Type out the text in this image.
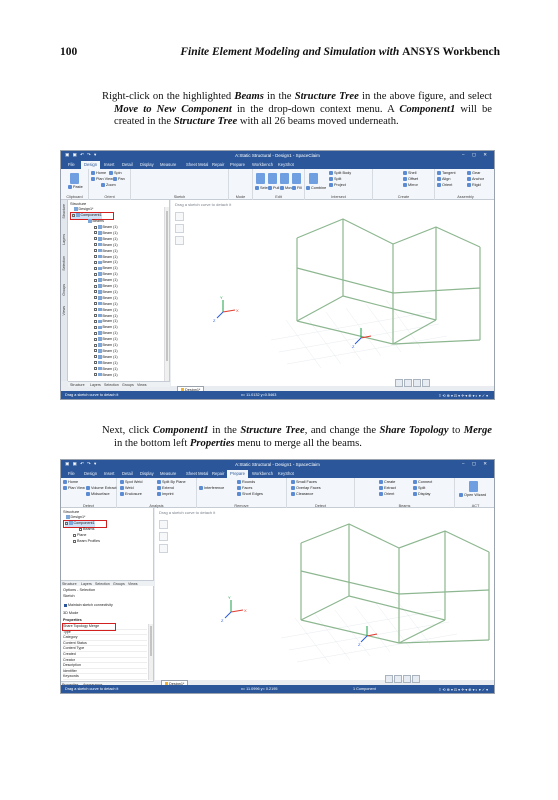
100	Finite Element Modeling and Simulation with ANSYS Workbench
Right-click on the highlighted Beams in the Structure Tree in the above figure, and select Move to New Component in the drop-down context menu. A Component1 will be created in the Structure Tree with all 26 beams moved underneath.
▣ ▣ ↶ ↷ ▾	A:Static Structural - Design1 - SpaceClaim	– ▢ ✕
File	Design	Insert	Detail	Display	Measure	Sheet Metal Repair	Prepare	Workbench	KeyShot
Paste
Clipboard
Home	Spin
Plan View	Pan
Zoom
Orient	Sketch	Mode
Select Pull	Move Fill
Edit
Combine
Split Body
Split
Project
Intersect
Shell
Offset
Mirror
Create
Tangent	Gear
Align	Anchor
Orient	Rigid
Assembly
Structure
Layers
Selection
Groups
Views
Structure
Design1*
Component1
Beams
Beam (1)
Beam (1)
Beam (1)
Beam (1)
Beam (1)
Beam (1)
Beam (1)
Beam (1)
Beam (1)
Beam (1)
Beam (1)
Beam (1)
Beam (1)
Beam (1)
Beam (1)
Beam (1)
Beam (1)
Beam (1)
Beam (1)
Beam (1)
Beam (1)
Beam (1)
Beam (1)
Beam (1)
Beam (1)
Beam (1)
Structure Layers Selection Groups Views
Drag a sketch curve to detach it
Y
X
Z
Z
Design1*
Drag a sketch curve to detach it	x= 11.0132 y=0.5463	⇧ ⟲ ⊕ ▾ ⊡ ▾ ✛ ▾ ⊕ ▾ ◐ ▾ ✓ ▾
Next, click Component1 in the Structure Tree, and change the Share Topology to Merge in the bottom left Properties menu to merge all the beams.
▣ ▣ ↶ ↷ ▾	A:Static Structural - Design1 - SpaceClaim	– ▢ ✕
File	Design	Insert	Detail	Display	Measure	Sheet Metal Repair	Prepare	Workbench	KeyShot
Home
Plan View	Volume Extract
Midsurface
Detect
Spot Weld
Weld
Enclosure
Split By Plane
Extend
Imprint
Analysis
Interference
Rounds
Faces
Short Edges
Remove
Small Faces
Overlap Faces
Clearance
Detect
Create
Extract
Orient
Connect
Split
Display
Beams
Open Wizard
ACT
Structure
Design1*
Component1
Beams
Plane
Beam Profiles
Structure Layers Selection Groups Views
Options - Selection
Sketch
Maintain sketch connectivity
3D Mode
Properties
Share Topology Merge
Type
Category
Content Status
Content Type
Created
Creator
Description
Identifier
Keywords
Drag a sketch curve to detach it
Y
X
Z
Z
Design1*
Drag a sketch curve to detach it	x= 11.0996 y= 0.2195	1 Component	⇧ ⟲ ⊕ ▾ ⊡ ▾ ✛ ▾ ⊕ ▾ ◐ ▾ ✓ ▾
